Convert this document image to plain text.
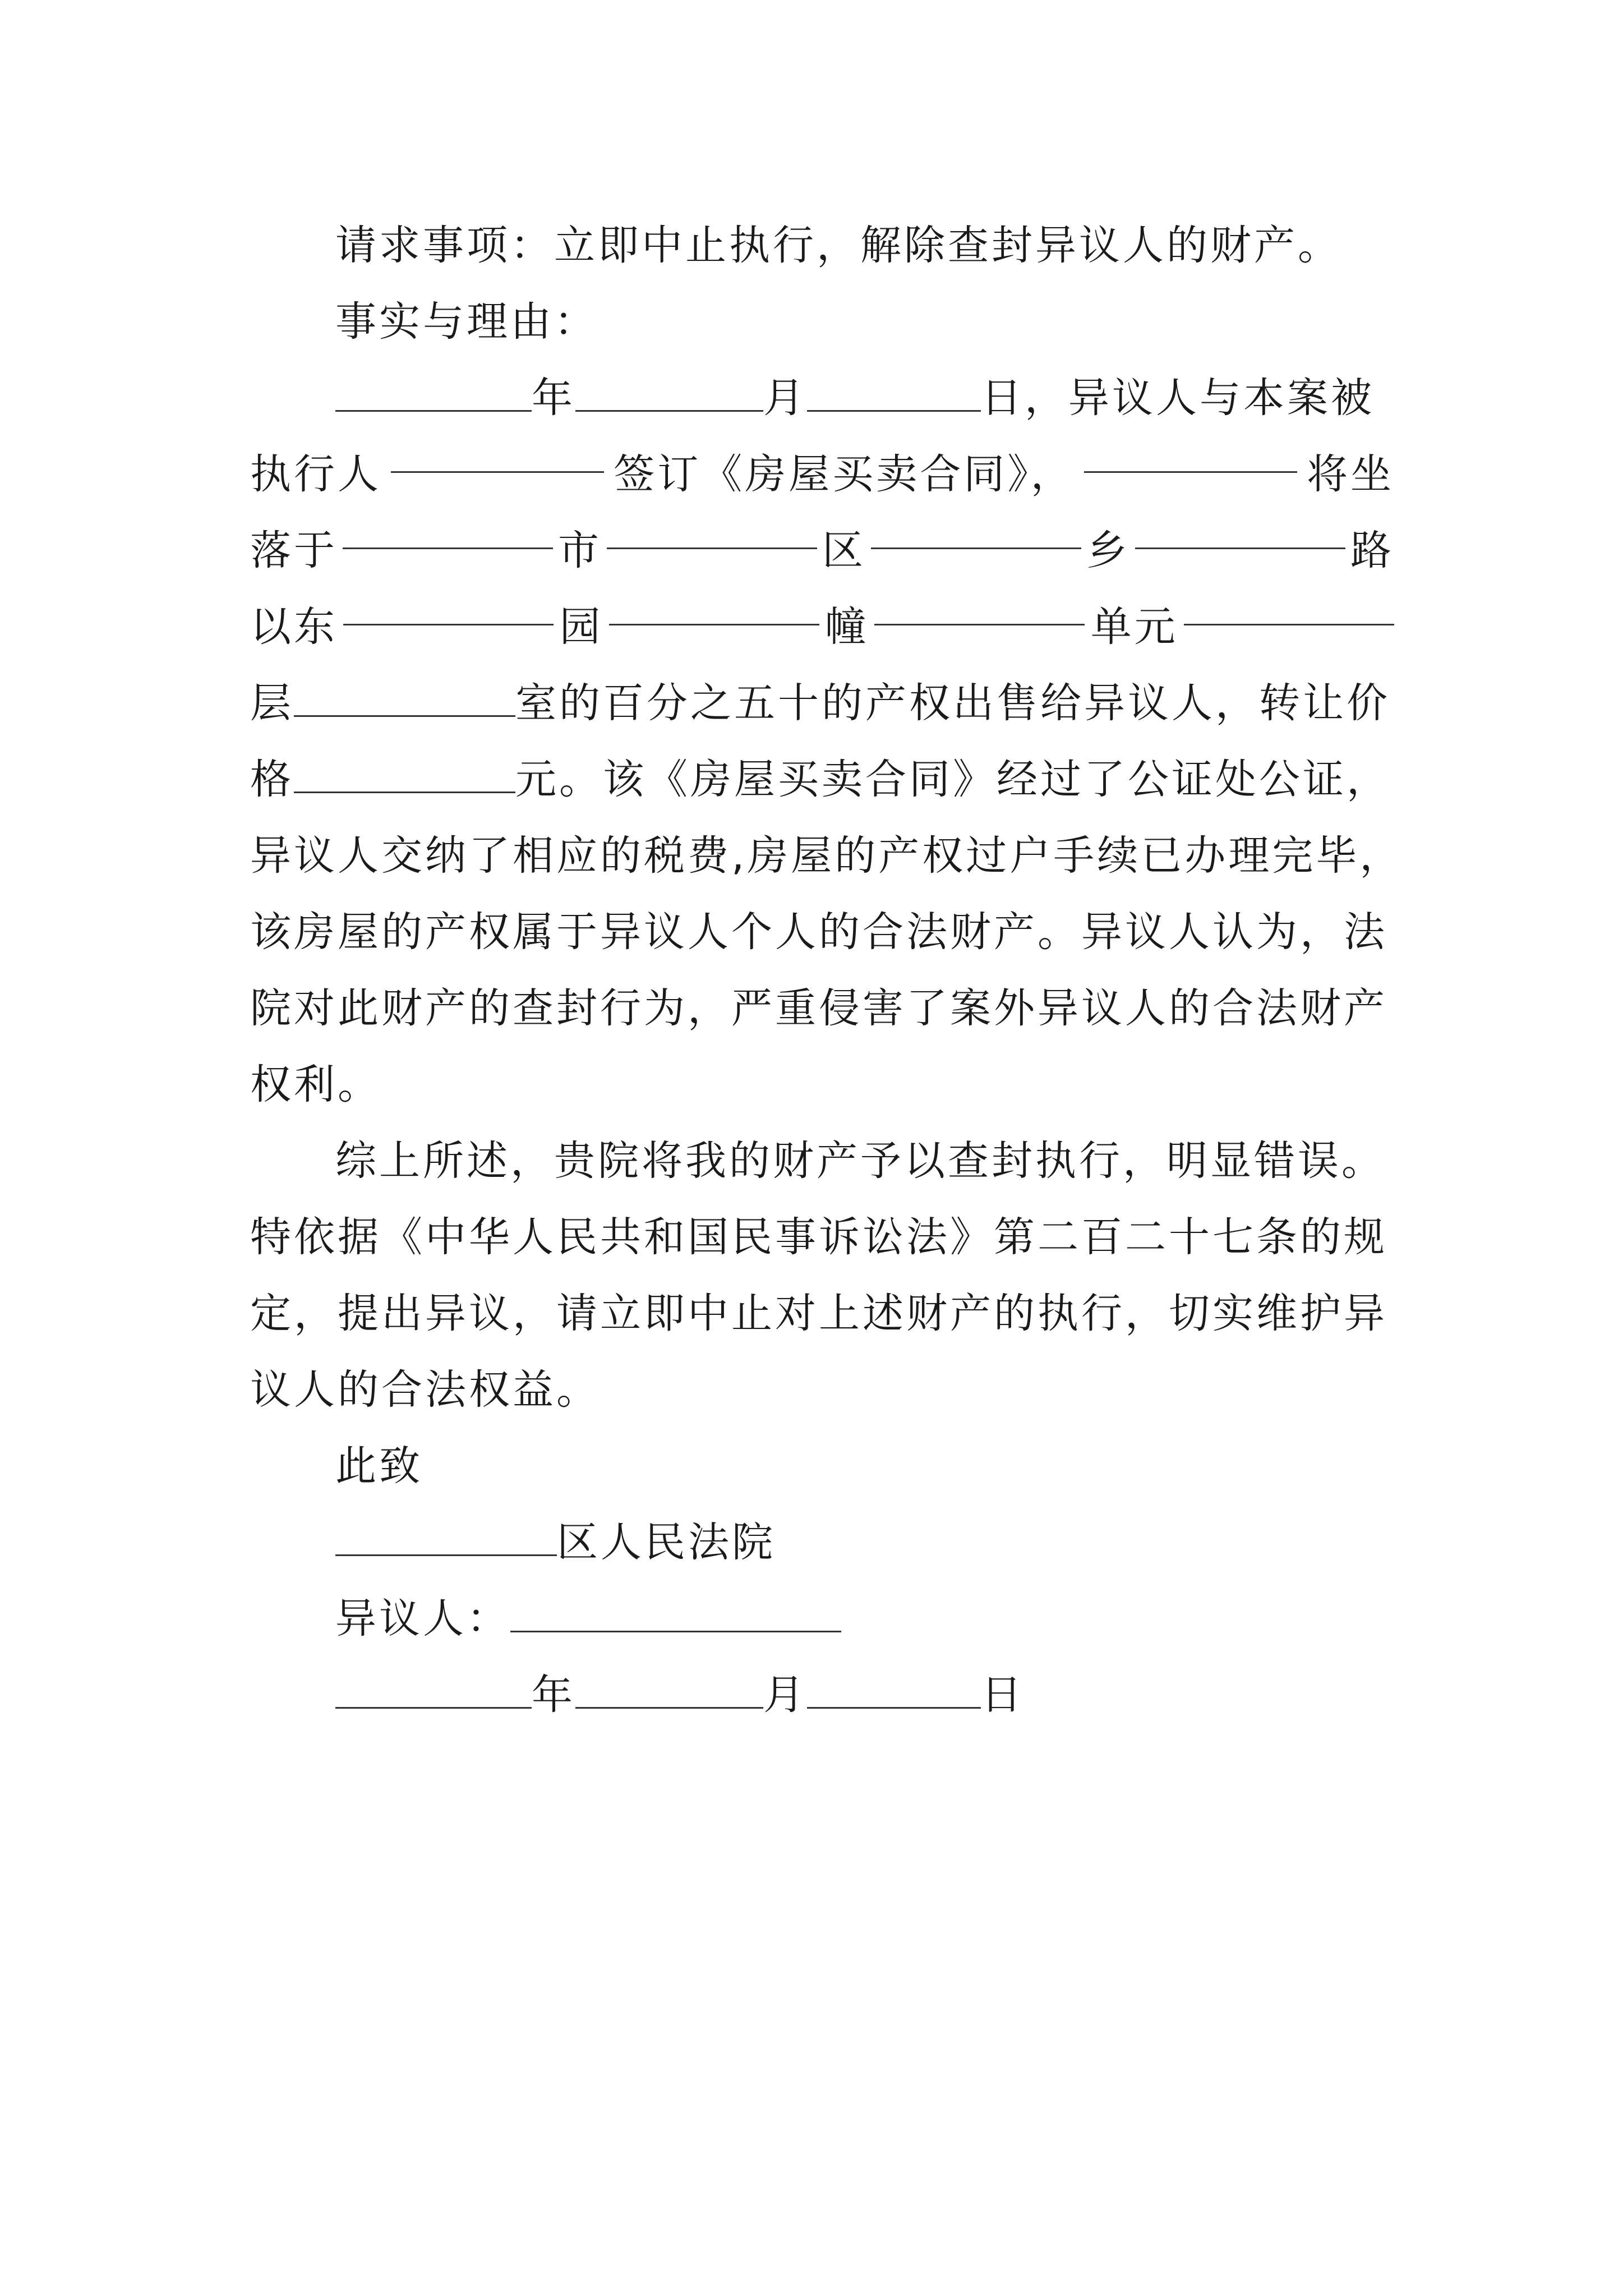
请求事项：立即中止执行，解除查封异议人的财产。
事实与理由：
年	月	日，异议人与本案被
执行人	签订《房屋买卖合同》，	将坐
落于	市	区	乡	路
以东	园	幢	单元
层	室的百分之五十的产权出售给异议人，转让价
格	元。该《房屋买卖合同》经过了公证处公证，
异议人交纳了相应的税费,房屋的产权过户手续已办理完毕，
该房屋的产权属于异议人个人的合法财产。异议人认为，法
院对此财产的查封行为，严重侵害了案外异议人的合法财产
权利。
综上所述，贵院将我的财产予以查封执行，明显错误。
特依据《中华人民共和国民事诉讼法》第二百二十七条的规
定，提出异议，请立即中止对上述财产的执行，切实维护异
议人的合法权益。
此致
区人民法院
异议人：
年	月	日
